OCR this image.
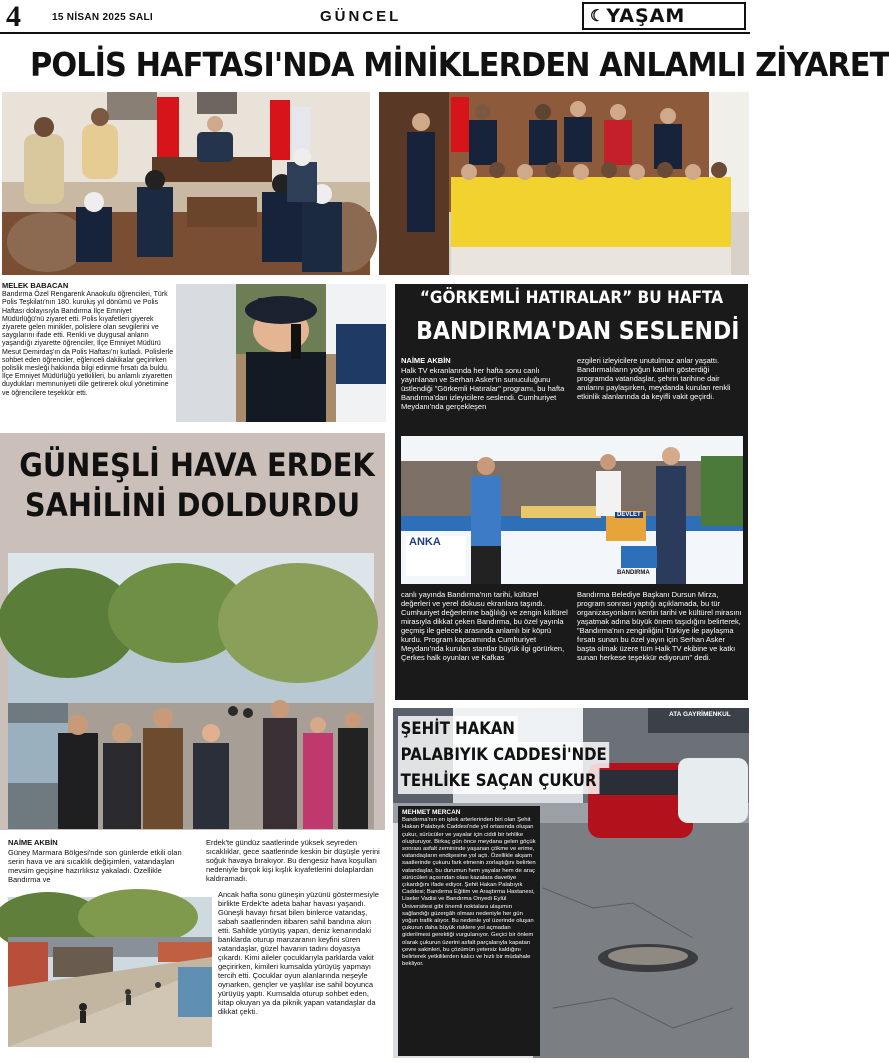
4	15 NİSAN 2025 SALI	GÜNCEL	☾ YAŞAM
POLİS HAFTASI'NDA MİNİKLERDEN ANLAMLI ZİYARET
MELEK BABACAN

Bandırma Özel Rengarenk Anaokulu öğrencileri, Türk Polis Teşkilatı'nın 180. kuruluş yıl dönümü ve Polis Haftası dolayısıyla Bandırma İlçe Emniyet Müdürlüğü'nü ziyaret etti. Polis kıyafetleri giyerek ziyarete gelen minikler, polislere olan sevgilerini ve saygılarını ifade etti. Renkli ve duygusal anların yaşandığı ziyarette öğrenciler, İlçe Emniyet Müdürü Mesut Demirdaş'ın da Polis Haftası'nı kutladı. Polislerle sohbet eden öğrenciler, eğlenceli dakikalar geçirirken polislik mesleği hakkında bilgi edinme fırsatı da buldu. İlçe Emniyet Müdürlüğü yetkilileri, bu anlamlı ziyaretten duydukları memnuniyeti dile getirerek okul yönetimine ve öğrencilere teşekkür etti.

“GÖRKEMLİ HATIRALAR” BU HAFTA
BANDIRMA'DAN SESLENDİ
NAİME AKBİN

Halk TV ekranlarında her hafta sonu canlı yayınlanan ve Serhan Asker'in sunuculuğunu üstlendiği "Görkemli Hatıralar" programı, bu hafta Bandırma'dan izleyicilere seslendi. Cumhuriyet Meydanı'nda gerçekleşen

ezgileri izleyicilere unutulmaz anlar yaşattı. Bandırmalıların yoğun katılım gösterdiği programda vatandaşlar, şehrin tarihine dair anılarını paylaşırken, meydanda kurulan renkli etkinlik alanlarında da keyifli vakit geçirdi.

ANKA
BANDIRMA
DEVLET

canlı yayında Bandırma'nın tarihi, kültürel değerleri ve yerel dokusu ekranlara taşındı. Cumhuriyet değerlerine bağlılığı ve zengin kültürel mirasıyla dikkat çeken Bandırma, bu özel yayınla geçmiş ile gelecek arasında anlamlı bir köprü kurdu. Program kapsamında Cumhuriyet Meydanı'nda kurulan stantlar büyük ilgi görürken, Çerkes halk oyunları ve Kafkas

Bandırma Belediye Başkanı Dursun Mirza, program sonrası yaptığı açıklamada, bu tür organizasyonların kentin tarihi ve kültürel mirasını yaşatmak adına büyük önem taşıdığını belirterek, "Bandırma'nın zenginliğini Türkiye ile paylaşma fırsatı sunan bu özel yayın için Serhan Asker başta olmak üzere tüm Halk TV ekibine ve katkı sunan herkese teşekkür ediyorum" dedi.

GÜNEŞLİ HAVA ERDEK
SAHİLİNİ DOLDURDU
NAİME AKBİN

Güney Marmara Bölgesi'nde son günlerde etkili olan serin hava ve ani sıcaklık değişimleri, vatandaşları mevsim geçişine hazırlıksız yakaladı. Özellikle Bandırma ve

Erdek'te gündüz saatlerinde yüksek seyreden sıcaklıklar, gece saatlerinde keskin bir düşüşle yerini soğuk havaya bırakıyor. Bu dengesiz hava koşulları nedeniyle birçok kişi kışlık kıyafetlerini dolaplardan kaldıramadı.

Ancak hafta sonu güneşin yüzünü göstermesiyle birlikte Erdek'te adeta bahar havası yaşandı. Güneşli havayı fırsat bilen binlerce vatandaş, sabah saatlerinden itibaren sahil bandına akın etti. Sahilde yürüyüş yapan, deniz kenarındaki banklarda oturup manzaranın keyfini süren vatandaşlar, güzel havanın tadını doyasıya çıkardı. Kimi aileler çocuklarıyla parklarda vakit geçirirken, kimileri kumsalda yürüyüş yapmayı tercih etti. Çocuklar oyun alanlarında neşeyle oynarken, gençler ve yaşlılar ise sahil boyunca yürüyüş yaptı. Kumsalda oturup sohbet eden, kitap okuyan ya da piknik yapan vatandaşlar da dikkat çekti.

ATA GAYRİMENKUL
ŞEHİT HAKAN
PALABIYIK CADDESİ'NDE
TEHLİKE SAÇAN ÇUKUR
MEHMET MERCAN

Bandırma'nın en işlek arterlerinden biri olan Şehit Hakan Palabıyık Caddesi'nde yol ortasında oluşan çukur, sürücüler ve yayalar için ciddi bir tehlike oluşturuyor. Birkaç gün önce meydana gelen göçük sonrası asfalt zemininde yaşanan çökme ve erime, vatandaşların endişesine yol açtı. Özellikle akşam saatlerinde çukuru fark etmenin zorlaştığını belirten vatandaşlar, bu durumun hem yayalar hem de araç sürücüleri açısından olası kazalara davetiye çıkardığını ifade ediyor. Şehit Hakan Palabıyık Caddesi; Bandırma Eğitim ve Araştırma Hastanesi, Liseler Vadisi ve Bandırma Onyedi Eylül Üniversitesi gibi önemli noktalara ulaşımın sağlandığı güzergâh olması nedeniyle her gün yoğun trafik alıyor. Bu nedenle yol üzerinde oluşan çukurun daha büyük risklere yol açmadan giderilmesi gerektiği vurgulanıyor. Geçici bir önlem olarak çukurun üzerini asfalt parçalarıyla kapatan çevre sakinleri, bu çözümün yetersiz kaldığını belirterek yetkililerden kalıcı ve hızlı bir müdahale bekliyor.
